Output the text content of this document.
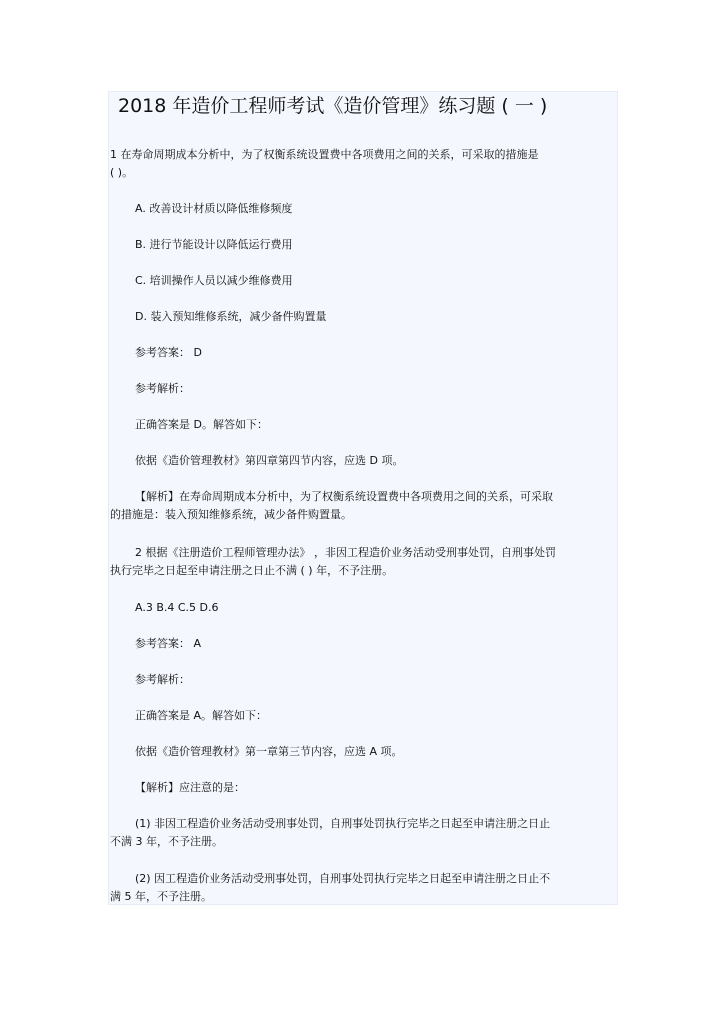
2018 年造价工程师考试《造价管理》练习题 ( 一 )
1 在寿命周期成本分析中，为了权衡系统设置费中各项费用之间的关系，可采取的措施是
( )。
A. 改善设计材质以降低维修频度
B. 进行节能设计以降低运行费用
C. 培训操作人员以减少维修费用
D. 装入预知维修系统，减少备件购置量
参考答案： D
参考解析：
正确答案是 D。解答如下：
依据《造价管理教材》第四章第四节内容，应选 D 项。
【解析】在寿命周期成本分析中，为了权衡系统设置费中各项费用之间的关系，可采取
的措施是：装入预知维修系统，减少备件购置量。
2 根据《注册造价工程师管理办法》 ，非因工程造价业务活动受刑事处罚，自刑事处罚
执行完毕之日起至申请注册之日止不满 ( ) 年，不予注册。
A.3 B.4 C.5 D.6
参考答案： A
参考解析：
正确答案是 A。解答如下：
依据《造价管理教材》第一章第三节内容，应选 A 项。
【解析】应注意的是：
(1) 非因工程造价业务活动受刑事处罚，自刑事处罚执行完毕之日起至申请注册之日止
不满 3 年，不予注册。
(2) 因工程造价业务活动受刑事处罚，自刑事处罚执行完毕之日起至申请注册之日止不
满 5 年，不予注册。
